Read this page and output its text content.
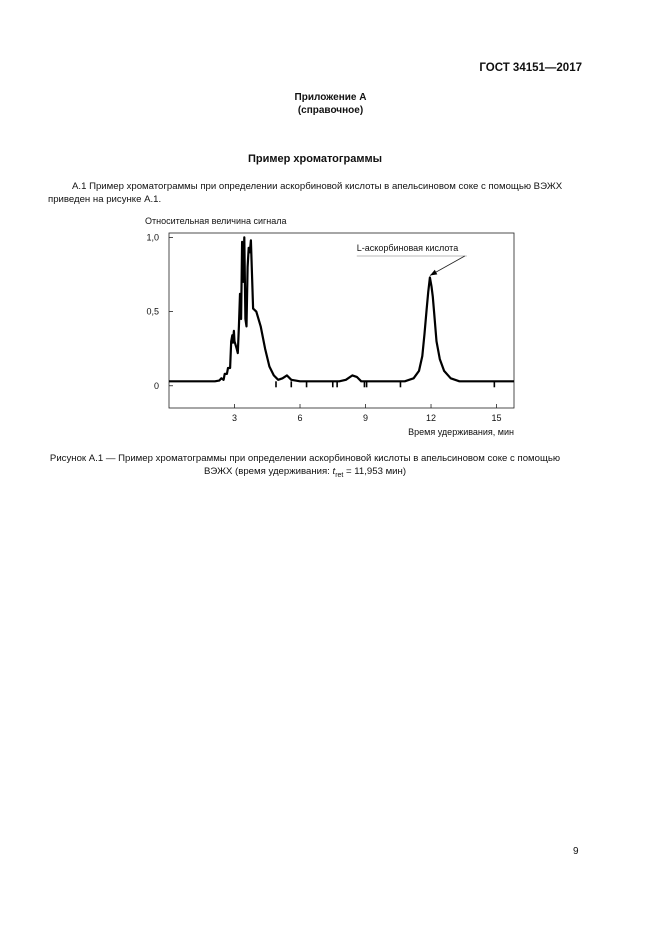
ГОСТ 34151—2017
Приложение А
(справочное)
Пример хроматограммы
А.1 Пример хроматограммы при определении аскорбиновой кислоты в апельсиновом соке с помощью ВЭЖХ
приведен на рисунке А.1.
Относительная величина сигнала
0
0,5
1,0
3	6	9	12	15
L-аскорбиновая кислота
Время удерживания, мин
Рисунок А.1 — Пример хроматограммы при определении аскорбиновой кислоты в апельсиновом соке с помощью
ВЭЖХ (время удерживания: $t_{ret} = 11,953$ мин)
9
